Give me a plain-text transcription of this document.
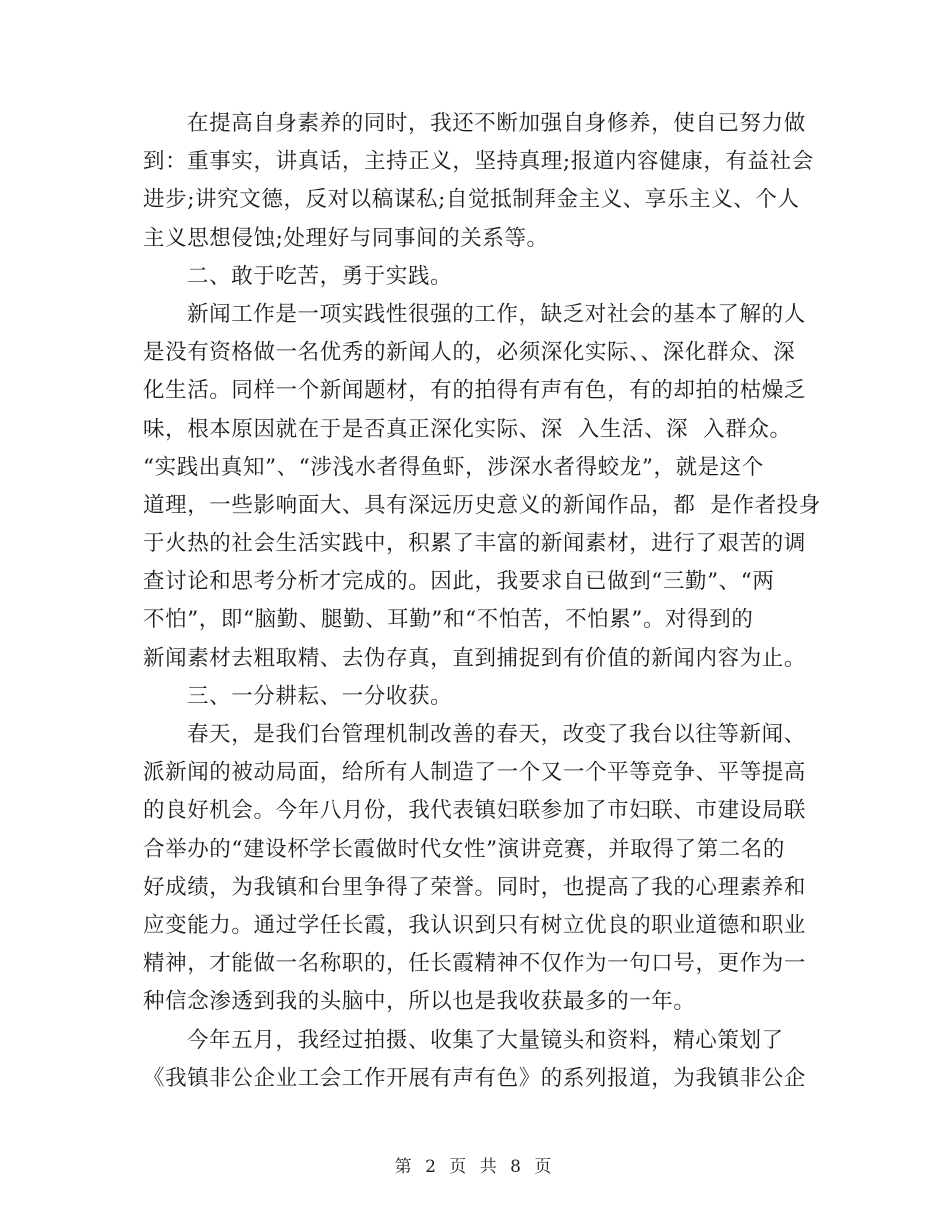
在提高自身素养的同时，我还不断加强自身修养，使自已努力做
到：重事实，讲真话，主持正义，坚持真理;报道内容健康，有益社会
进步;讲究文德，反对以稿谋私;自觉抵制拜金主义、享乐主义、个人
主义思想侵蚀;处理好与同事间的关系等。
二、敢于吃苦，勇于实践。
新闻工作是一项实践性很强的工作，缺乏对社会的基本了解的人
是没有资格做一名优秀的新闻人的，必须深化实际、、深化群众、深
化生活。同样一个新闻题材，有的拍得有声有色，有的却拍的枯燥乏
味，根本原因就在于是否真正深化实际、深  入生活、深  入群众。
“实践出真知”、“涉浅水者得鱼虾，涉深水者得蛟龙”，就是这个
道理，一些影响面大、具有深远历史意义的新闻作品，都  是作者投身
于火热的社会生活实践中，积累了丰富的新闻素材，进行了艰苦的调
查讨论和思考分析才完成的。因此，我要求自已做到“三勤”、“两
不怕”，即“脑勤、腿勤、耳勤”和“不怕苦，不怕累”。对得到的
新闻素材去粗取精、去伪存真，直到捕捉到有价值的新闻内容为止。
三、一分耕耘、一分收获。
春天，是我们台管理机制改善的春天，改变了我台以往等新闻、
派新闻的被动局面，给所有人制造了一个又一个平等竞争、平等提高
的良好机会。今年八月份，我代表镇妇联参加了市妇联、市建设局联
合举办的“建设杯学长霞做时代女性”演讲竞赛，并取得了第二名的
好成绩，为我镇和台里争得了荣誉。同时，也提高了我的心理素养和
应变能力。通过学任长霞，我认识到只有树立优良的职业道德和职业
精神，才能做一名称职的，任长霞精神不仅作为一句口号，更作为一
种信念渗透到我的头脑中，所以也是我收获最多的一年。
今年五月，我经过拍摄、收集了大量镜头和资料，精心策划了
《我镇非公企业工会工作开展有声有色》的系列报道，为我镇非公企
第 2 页 共 8 页
